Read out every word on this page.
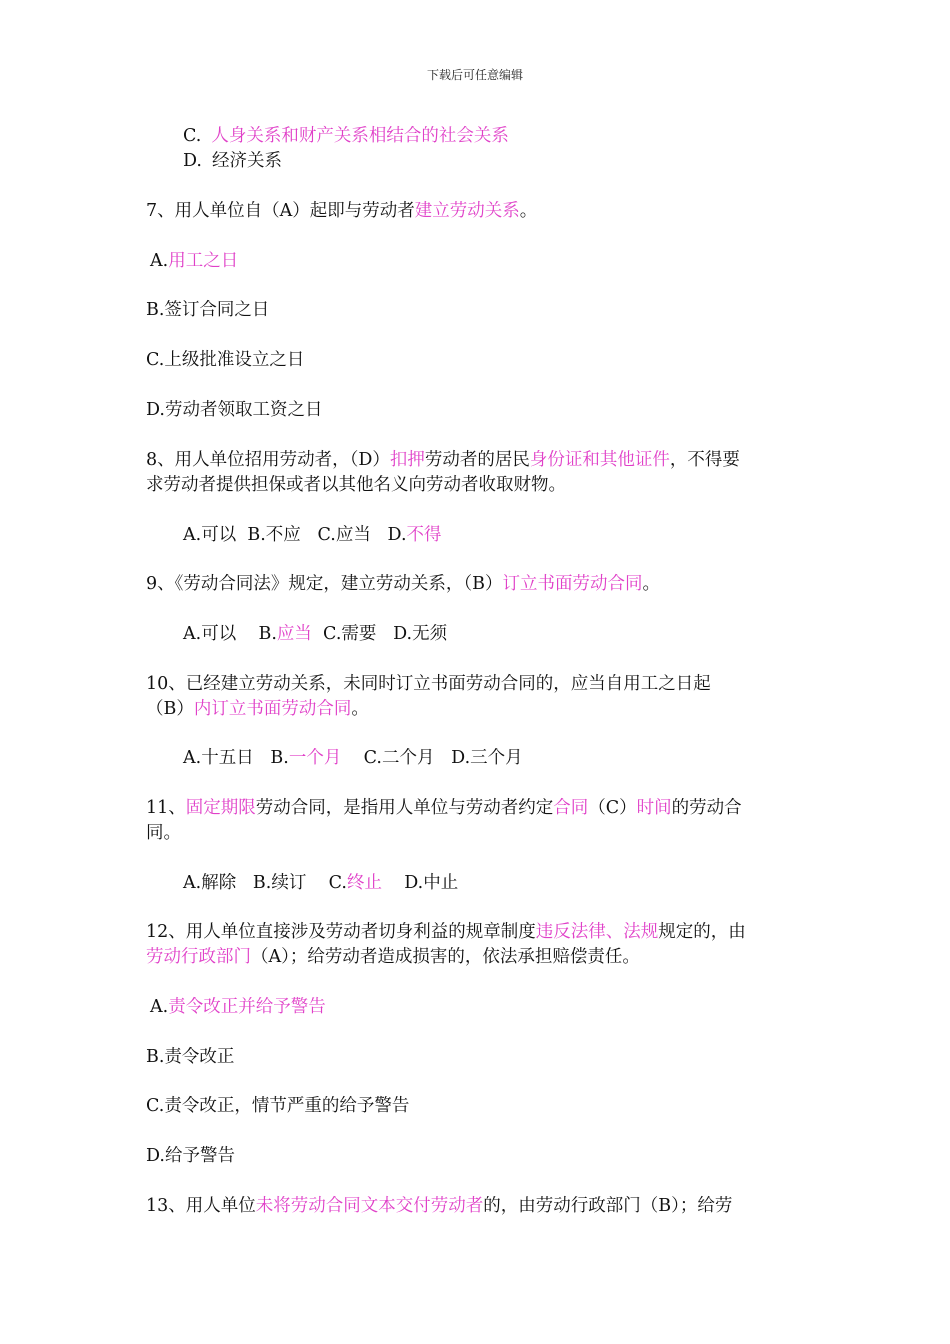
下载后可任意编辑
C. 人身关系和财产关系相结合的社会关系
D. 经济关系
7、用人单位自（A）起即与劳动者建立劳动关系。
A.用工之日
B.签订合同之日
C.上级批准设立之日
D.劳动者领取工资之日
8、用人单位招用劳动者，（D）扣押劳动者的居民身份证和其他证件，不得要
求劳动者提供担保或者以其他名义向劳动者收取财物。
A.可以 B.不应 C.应当 D.不得
9、《劳动合同法》规定，建立劳动关系，（B）订立书面劳动合同。
A.可以 B.应当 C.需要 D.无须
10、已经建立劳动关系，未同时订立书面劳动合同的，应当自用工之日起
（B）内订立书面劳动合同。
A.十五日 B.一个月 C.二个月 D.三个月
11、固定期限劳动合同，是指用人单位与劳动者约定合同（C）时间的劳动合
同。
A.解除 B.续订 C.终止 D.中止
12、用人单位直接涉及劳动者切身利益的规章制度违反法律、法规规定的，由
劳动行政部门（A）；给劳动者造成损害的，依法承担赔偿责任。
A.责令改正并给予警告
B.责令改正
C.责令改正，情节严重的给予警告
D.给予警告
13、用人单位未将劳动合同文本交付劳动者的，由劳动行政部门（B）；给劳
